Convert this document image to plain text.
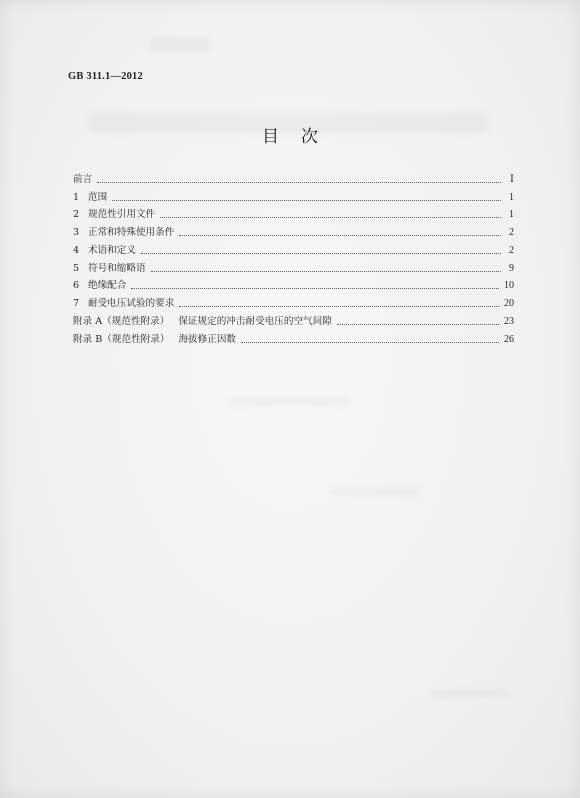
GB 311.1—2012
目次
前言	Ⅰ
1 范围	1
2 规范性引用文件	1
3 正常和特殊使用条件	2
4 术语和定义	2
5 符号和缩略语	9
6 绝缘配合	10
7 耐受电压试验的要求	20
附录 A（规范性附录） 保证规定的冲击耐受电压的空气间隙	23
附录 B（规范性附录） 海拔修正因数	26
